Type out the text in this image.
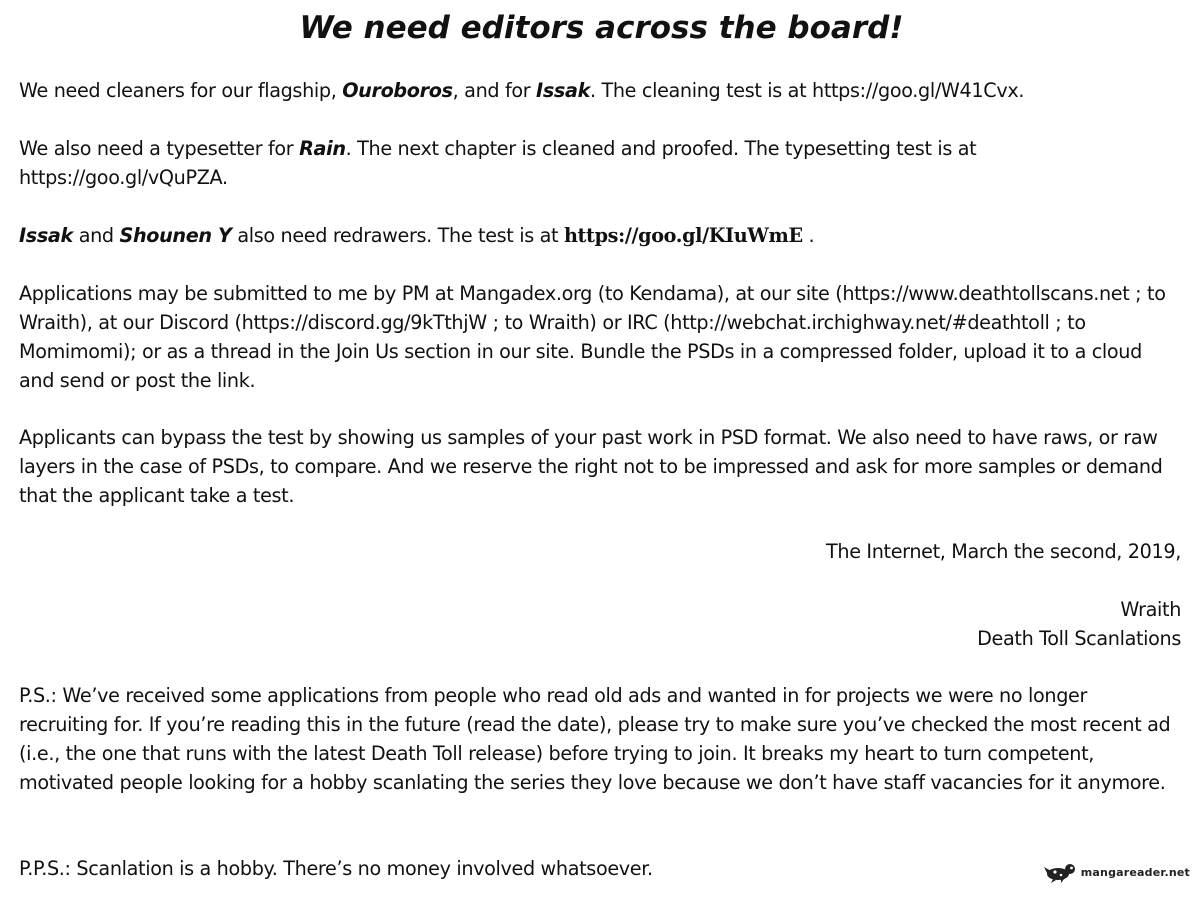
We need editors across the board!

We need cleaners for our flagship, Ouroboros, and for Issak. The cleaning test is at https://goo.gl/W41Cvx.

We also need a typesetter for Rain. The next chapter is cleaned and proofed. The typesetting test is at https://goo.gl/vQuPZA.

Issak and Shounen Y also need redrawers. The test is at https://goo.gl/KIuWmE .

Applications may be submitted to me by PM at Mangadex.org (to Kendama), at our site (https://www.deathtollscans.net ; to Wraith), at our Discord (https://discord.gg/9kTthjW ; to Wraith) or IRC (http://webchat.irchighway.net/#deathtoll ; to Momimomi); or as a thread in the Join Us section in our site. Bundle the PSDs in a compressed folder, upload it to a cloud and send or post the link.

Applicants can bypass the test by showing us samples of your past work in PSD format. We also need to have raws, or raw layers in the case of PSDs, to compare. And we reserve the right not to be impressed and ask for more samples or demand that the applicant take a test.

The Internet, March the second, 2019,

Wraith

Death Toll Scanlations

P.S.: We’ve received some applications from people who read old ads and wanted in for projects we were no longer recruiting for. If you’re reading this in the future (read the date), please try to make sure you’ve checked the most recent ad (i.e., the one that runs with the latest Death Toll release) before trying to join. It breaks my heart to turn competent, motivated people looking for a hobby scanlating the series they love because we don’t have staff vacancies for it anymore.

P.P.S.: Scanlation is a hobby. There’s no money involved whatsoever.	mangareader.net
